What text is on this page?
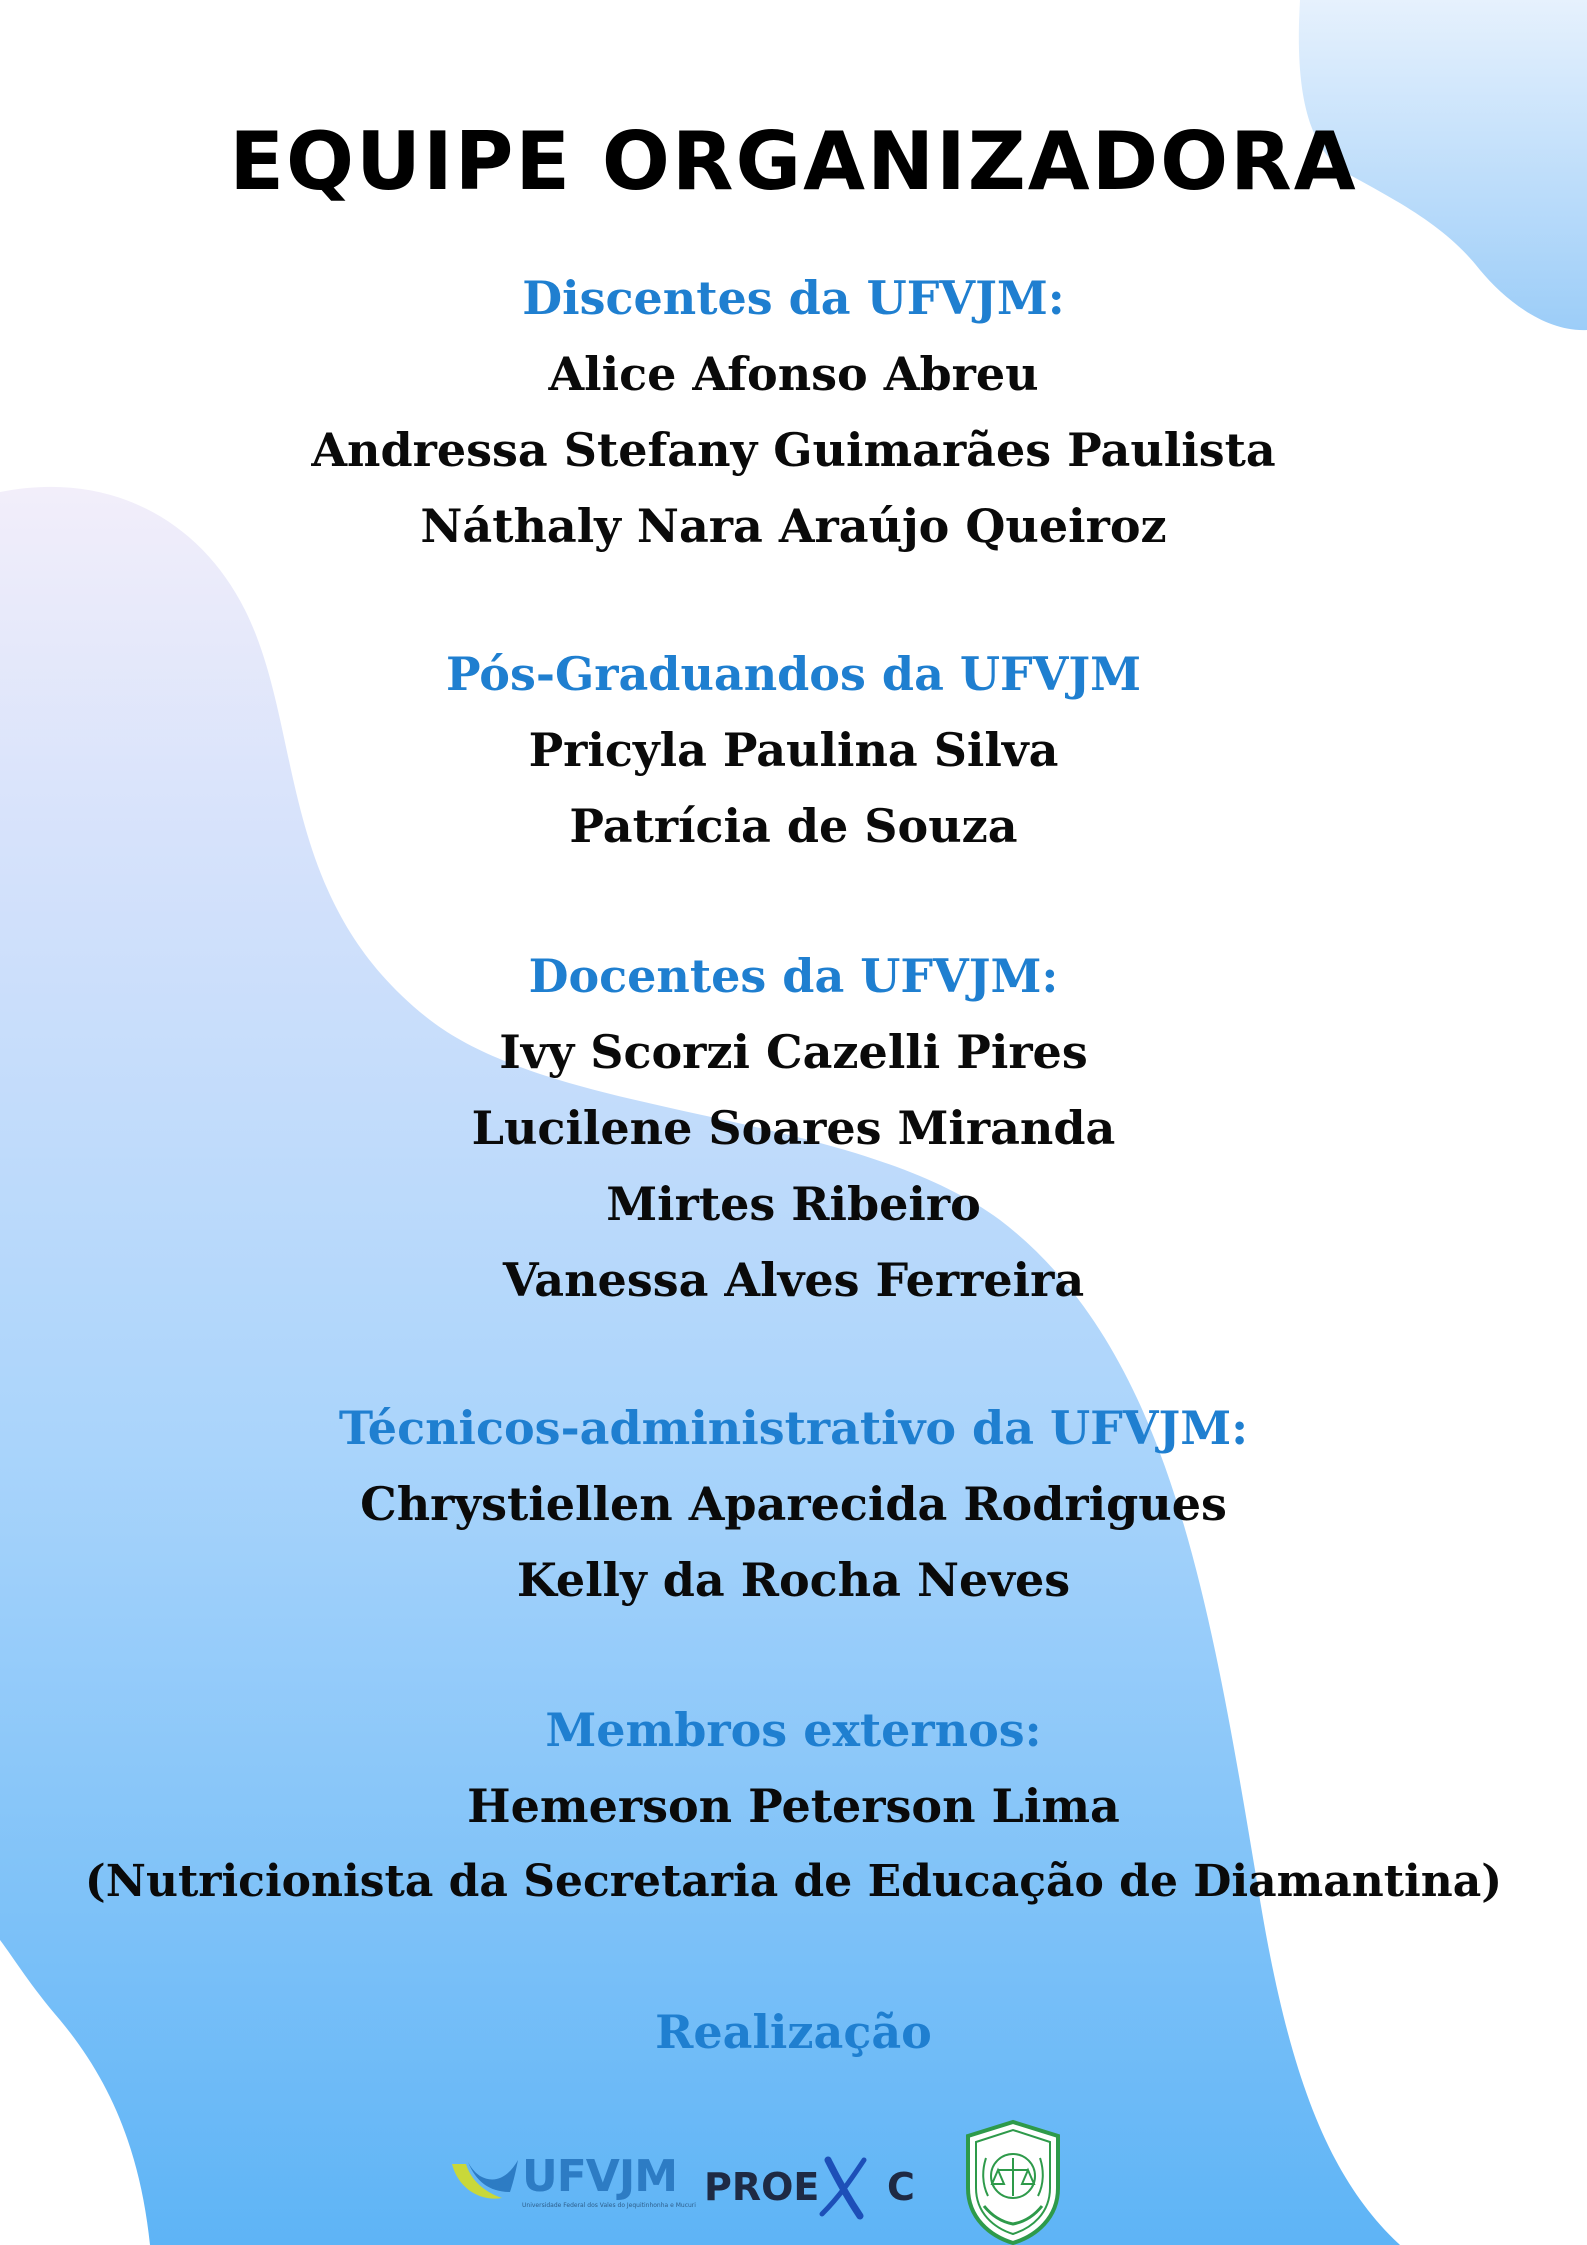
EQUIPE ORGANIZADORA
Discentes da UFVJM:
Alice Afonso Abreu
Andressa Stefany Guimarães Paulista
Náthaly Nara Araújo Queiroz
Pós-Graduandos da UFVJM
Pricyla Paulina Silva
Patrícia de Souza
Docentes da UFVJM:
Ivy Scorzi Cazelli Pires
Lucilene Soares Miranda
Mirtes Ribeiro
Vanessa Alves Ferreira
Técnicos-administrativo da UFVJM:
Chrystiellen Aparecida Rodrigues
Kelly da Rocha Neves
Membros externos:
Hemerson Peterson Lima
(Nutricionista da Secretaria de Educação de Diamantina)
Realização
UFVJM
Universidade Federal dos Vales do Jequitinhonha e Mucuri PROE C
